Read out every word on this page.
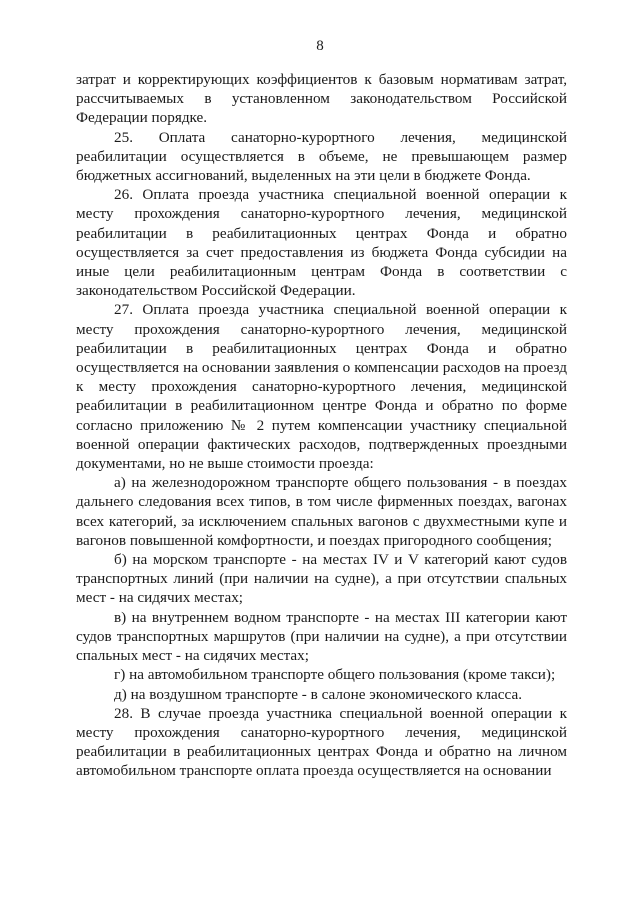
8

затрат и корректирующих коэффициентов к базовым нормативам затрат, рассчитываемых в установленном законодательством Российской Федерации порядке.

25. Оплата санаторно-курортного лечения, медицинской реабилитации осуществляется в объеме, не превышающем размер бюджетных ассигнований, выделенных на эти цели в бюджете Фонда.

26. Оплата проезда участника специальной военной операции к месту прохождения санаторно-курортного лечения, медицинской реабилитации в реабилитационных центрах Фонда и обратно осуществляется за счет предоставления из бюджета Фонда субсидии на иные цели реабилитационным центрам Фонда в соответствии с законодательством Российской Федерации.

27. Оплата проезда участника специальной военной операции к месту прохождения санаторно-курортного лечения, медицинской реабилитации в реабилитационных центрах Фонда и обратно осуществляется на основании заявления о компенсации расходов на проезд к месту прохождения санаторно-курортного лечения, медицинской реабилитации в реабилитационном центре Фонда и обратно по форме согласно приложению № 2 путем компенсации участнику специальной военной операции фактических расходов, подтвержденных проездными документами, но не выше стоимости проезда:

а) на железнодорожном транспорте общего пользования - в поездах дальнего следования всех типов, в том числе фирменных поездах, вагонах всех категорий, за исключением спальных вагонов с двухместными купе и вагонов повышенной комфортности, и поездах пригородного сообщения;

б) на морском транспорте - на местах IV и V категорий кают судов транспортных линий (при наличии на судне), а при отсутствии спальных мест - на сидячих местах;

в) на внутреннем водном транспорте - на местах III категории кают судов транспортных маршрутов (при наличии на судне), а при отсутствии спальных мест - на сидячих местах;

г) на автомобильном транспорте общего пользования (кроме такси);

д) на воздушном транспорте - в салоне экономического класса.

28. В случае проезда участника специальной военной операции к месту прохождения санаторно-курортного лечения, медицинской реабилитации в реабилитационных центрах Фонда и обратно на личном автомобильном транспорте оплата проезда осуществляется на основании
